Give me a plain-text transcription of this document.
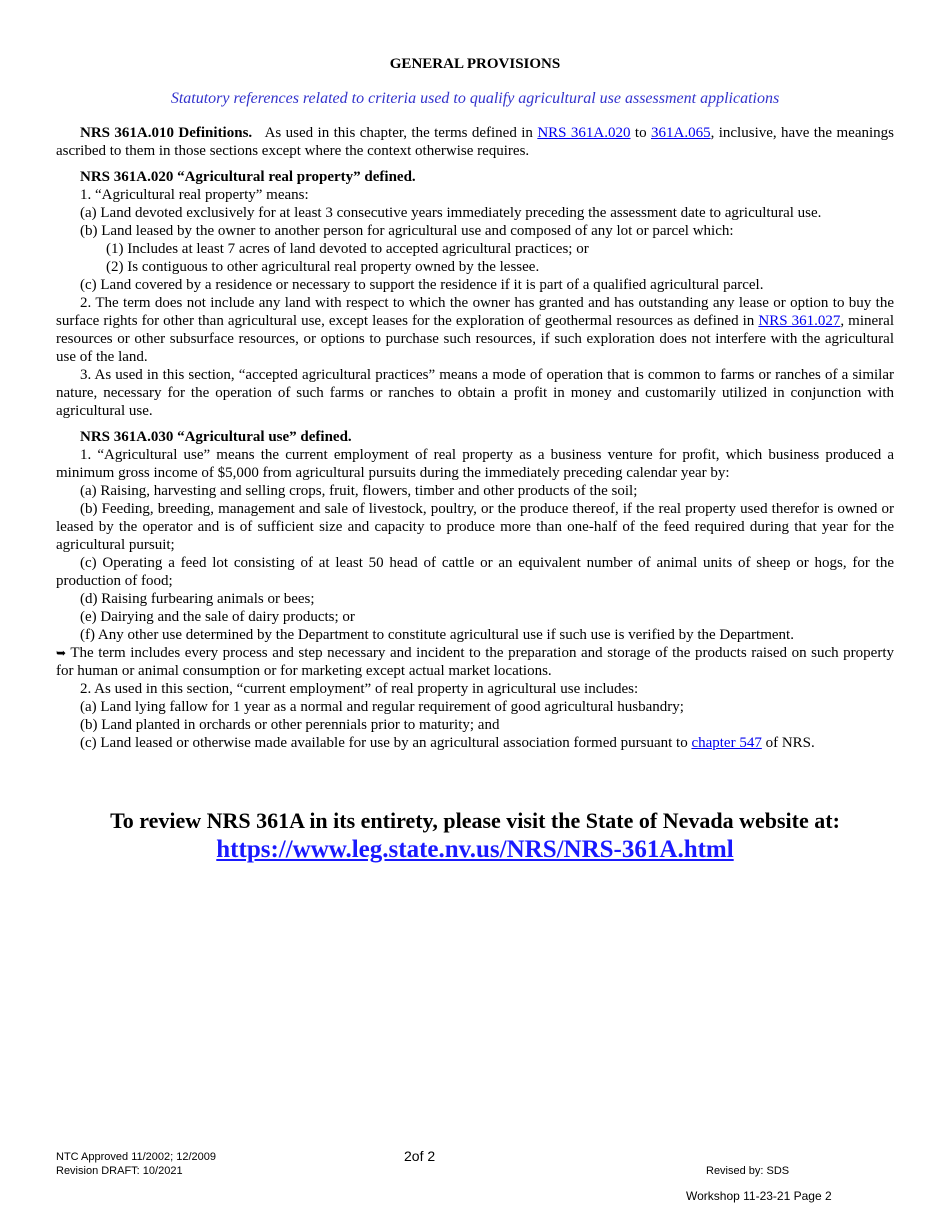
GENERAL PROVISIONS
Statutory references related to criteria used to qualify agricultural use assessment applications

NRS 361A.010 Definitions. As used in this chapter, the terms defined in NRS 361A.020 to 361A.065, inclusive, have the meanings ascribed to them in those sections except where the context otherwise requires.

NRS 361A.020 “Agricultural real property” defined.

1. “Agricultural real property” means:

(a) Land devoted exclusively for at least 3 consecutive years immediately preceding the assessment date to agricultural use.

(b) Land leased by the owner to another person for agricultural use and composed of any lot or parcel which:

(1) Includes at least 7 acres of land devoted to accepted agricultural practices; or

(2) Is contiguous to other agricultural real property owned by the lessee.

(c) Land covered by a residence or necessary to support the residence if it is part of a qualified agricultural parcel.

2. The term does not include any land with respect to which the owner has granted and has outstanding any lease or option to buy the surface rights for other than agricultural use, except leases for the exploration of geothermal resources as defined in NRS 361.027, mineral resources or other subsurface resources, or options to purchase such resources, if such exploration does not interfere with the agricultural use of the land.

3. As used in this section, “accepted agricultural practices” means a mode of operation that is common to farms or ranches of a similar nature, necessary for the operation of such farms or ranches to obtain a profit in money and customarily utilized in conjunction with agricultural use.

NRS 361A.030 “Agricultural use” defined.

1. “Agricultural use” means the current employment of real property as a business venture for profit, which business produced a minimum gross income of $5,000 from agricultural pursuits during the immediately preceding calendar year by:

(a) Raising, harvesting and selling crops, fruit, flowers, timber and other products of the soil;

(b) Feeding, breeding, management and sale of livestock, poultry, or the produce thereof, if the real property used therefor is owned or leased by the operator and is of sufficient size and capacity to produce more than one-half of the feed required during that year for the agricultural pursuit;

(c) Operating a feed lot consisting of at least 50 head of cattle or an equivalent number of animal units of sheep or hogs, for the production of food;

(d) Raising furbearing animals or bees;

(e) Dairying and the sale of dairy products; or

(f) Any other use determined by the Department to constitute agricultural use if such use is verified by the Department.

➥ The term includes every process and step necessary and incident to the preparation and storage of the products raised on such property for human or animal consumption or for marketing except actual market locations.

2. As used in this section, “current employment” of real property in agricultural use includes:

(a) Land lying fallow for 1 year as a normal and regular requirement of good agricultural husbandry;

(b) Land planted in orchards or other perennials prior to maturity; and

(c) Land leased or otherwise made available for use by an agricultural association formed pursuant to chapter 547 of NRS.

To review NRS 361A in its entirety, please visit the State of Nevada website at:
https://www.leg.state.nv.us/NRS/NRS-361A.html
NTC Approved 11/2002; 12/2009
Revision DRAFT: 10/2021
2of 2
Revised by: SDS
Workshop 11-23-21 Page 2
